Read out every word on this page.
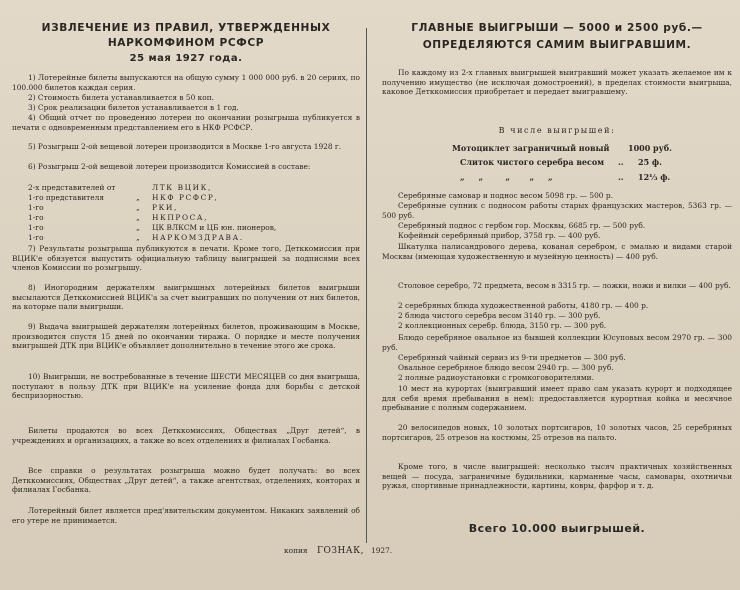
ИЗВЛЕЧЕНИЕ ИЗ ПРАВИЛ, УТВЕРЖДЕННЫХ
НАРКОМФИНОМ РСФСР
25 мая 1927 года.
1) Лотерейные билеты выпускаются на общую сумму 1 000 000 руб. в 20 сериях, по 100.000 билетов каждая серия.
2) Стоимость билета устанавливается в 50 коп.
3) Срок реализации билетов устанавливается в 1 год.
4) Общий отчет по проведению лотереи по окончании розыгрыша публикуется в печати с одновременным представлением его в НКФ РСФСР.
5) Розыгрыш 2-ой вещевой лотереи производится в Москве 1-го августа 1928 г.
6) Розыгрыш 2-ой вещевой лотереи производится Комиссией в составе:
2-х представителей от	ЛТК ВЦИК,
1-го представителя	„ НКФ РСФСР,
1-го	„ РКИ,
1-го	„ НКПРОСА,
1-го	„ ЦК ВЛКСМ и ЦБ юн. пионеров,
1-го	„ НАРКОМЗДРАВА.
7) Результаты розыгрыша публикуются в печати. Кроме того, Детккомиссия при ВЦИК'е обязуется выпустить официальную таблицу выигрышей за подписями всех членов Комиссии по розыгрышу.
8) Иногородним держателям выигрышных лотерейных билетов выигрыши высылаются Детккомиссией ВЦИК'а за счет выигравших по получении от них билетов, на которые пали выигрыши.
9) Выдача выигрышей держателям лотерейных билетов, проживающим в Москве, производится спустя 15 дней по окончании тиража. О порядке и месте получения выигрышей ДТК при ВЦИК'е объявляет дополнительно в течение этого же срока.
10) Выигрыши, не востребованные в течение ШЕСТИ МЕСЯЦЕВ со дня выигрыша, поступают в пользу ДТК при ВЦИК'е на усиление фонда для борьбы с детской беспризорностью.
Билеты продаются во всех Детккомиссиях, Обществах „Друг детей“, в учреждениях и организациях, а также во всех отделениях и филиалах Госбанка.
Все справки о результатах розыгрыша можно будет получать: во всех Детккомиссиях, Обществах „Друг детей“, а также агентствах, отделениях, конторах и филиалах Госбанка.
Лотерейный билет является пред'явительским документом. Никаких заявлений об его утере не принимается.
ГЛАВНЫЕ ВЫИГРЫШИ — 5000 и 2500 руб.—
ОПРЕДЕЛЯЮТСЯ САМИМ ВЫИГРАВШИМ.
По каждому из 2-х главных выигрышей выигравший может указать желаемое им к получению имущество (не исключая домостроений), в пределах стоимости выигрыша, каковое Детккомиссия приобретает и передает выигравшему.
В числе выигрышей:
Мотоциклет заграничный новый 1000 руб.
Слиток чистого серебра весом .. 25 ф.
„     „        „       „     „	.. 12⅓ ф.
Серебряные самовар и поднос весом 5098 гр. — 500 р.
Серебряные супник с подносом работы старых французских мастеров, 5363 гр. — 500 руб.
Серебряный поднос с гербом гор. Москвы, 6685 гр. — 500 руб.
Кофейный серебряный прибор, 3758 гр. — 400 руб.
Шкатулка палисандрового дерева, кованая серебром, с эмалью и видами старой Москвы (имеющая художественную и музейную ценность) — 400 руб.
Столовое серебро, 72 предмета, весом в 3315 гр. — ложки, ножи и вилки — 400 руб.
2 серебряных блюда художественной работы, 4180 гр. — 400 р.
2 блюда чистого серебра весом 3140 гр. — 300 руб.
2 коллекционных серебр. блюда, 3150 гр. — 300 руб.
Блюдо серебряное овальное из бывшей коллекции Юсуповых весом 2970 гр. — 300 руб.
Серебряный чайный сервиз из 9-ти предметов — 300 руб.
Овальное серебряное блюдо весом 2940 гр. — 300 руб.
2 полные радиоустановки с громкоговорителями.
10 мест на курортах (выигравший имеет право сам указать курорт и подходящее для себя время пребывания в нем): предоставляется курортная койка и месячное пребывание с полным содержанием.
20 велосипедов новых, 10 золотых портсигаров, 10 золотых часов, 25 серебряных портсигаров, 25 отрезов на костюмы, 25 отрезов на пальто.
Кроме того, в числе выигрышей: несколько тысяч практичных хозяйственных вещей — посуда, заграничные будильники, карманные часы, самовары, охотничьи ружья, спортивные принадлежности, картины, ковры, фарфор и т. д.
Всего 10.000 выигрышей.
копия ГОЗНАК, 1927.
